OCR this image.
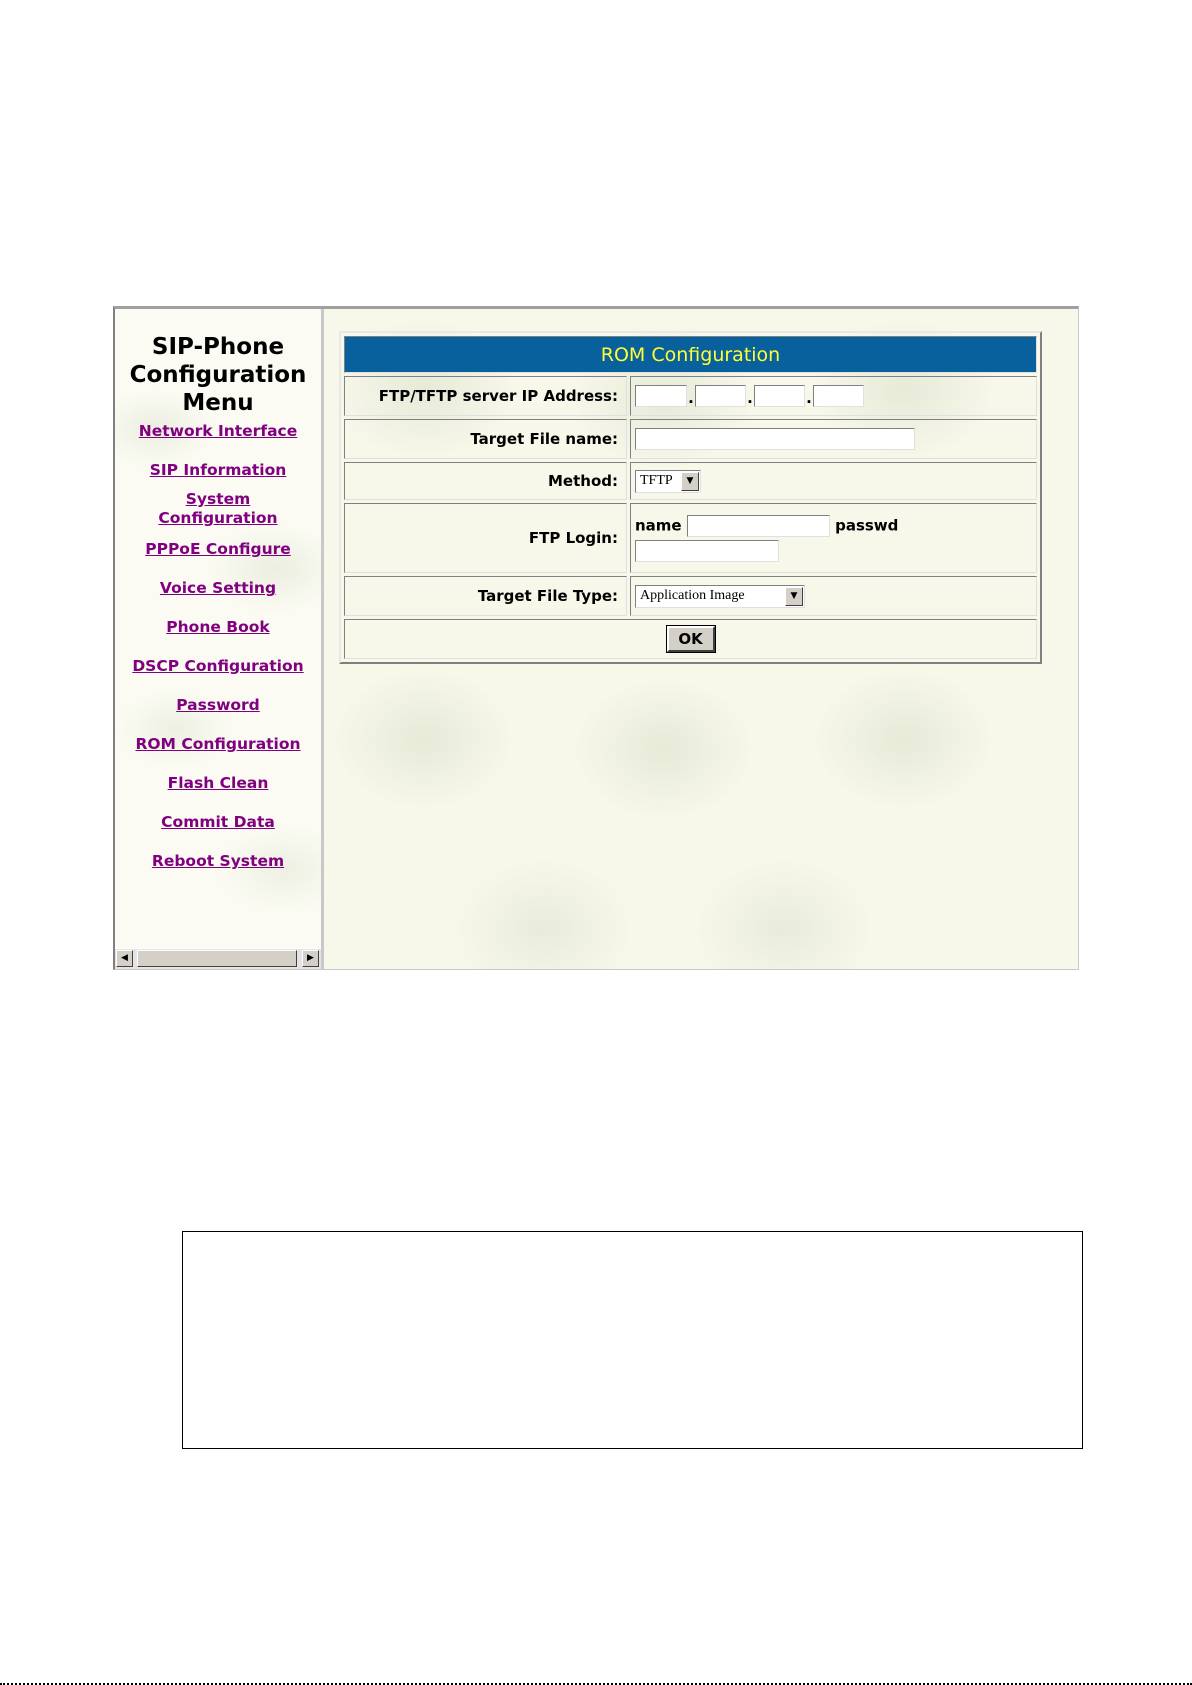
SIP-Phone
Configuration
Menu
Network Interface
SIP Information
System
Configuration
PPPoE Configure
Voice Setting
Phone Book
DSCP Configuration
Password
ROM Configuration
Flash Clean
Commit Data
Reboot System
◀	▶
ROM Configuration	
FTP/TFTP server IP Address:	. . .
Target File name:	
Method:	TFTP ▼

FTP Login:	name passwd

Target File Type:	Application Image ▼

OK	
